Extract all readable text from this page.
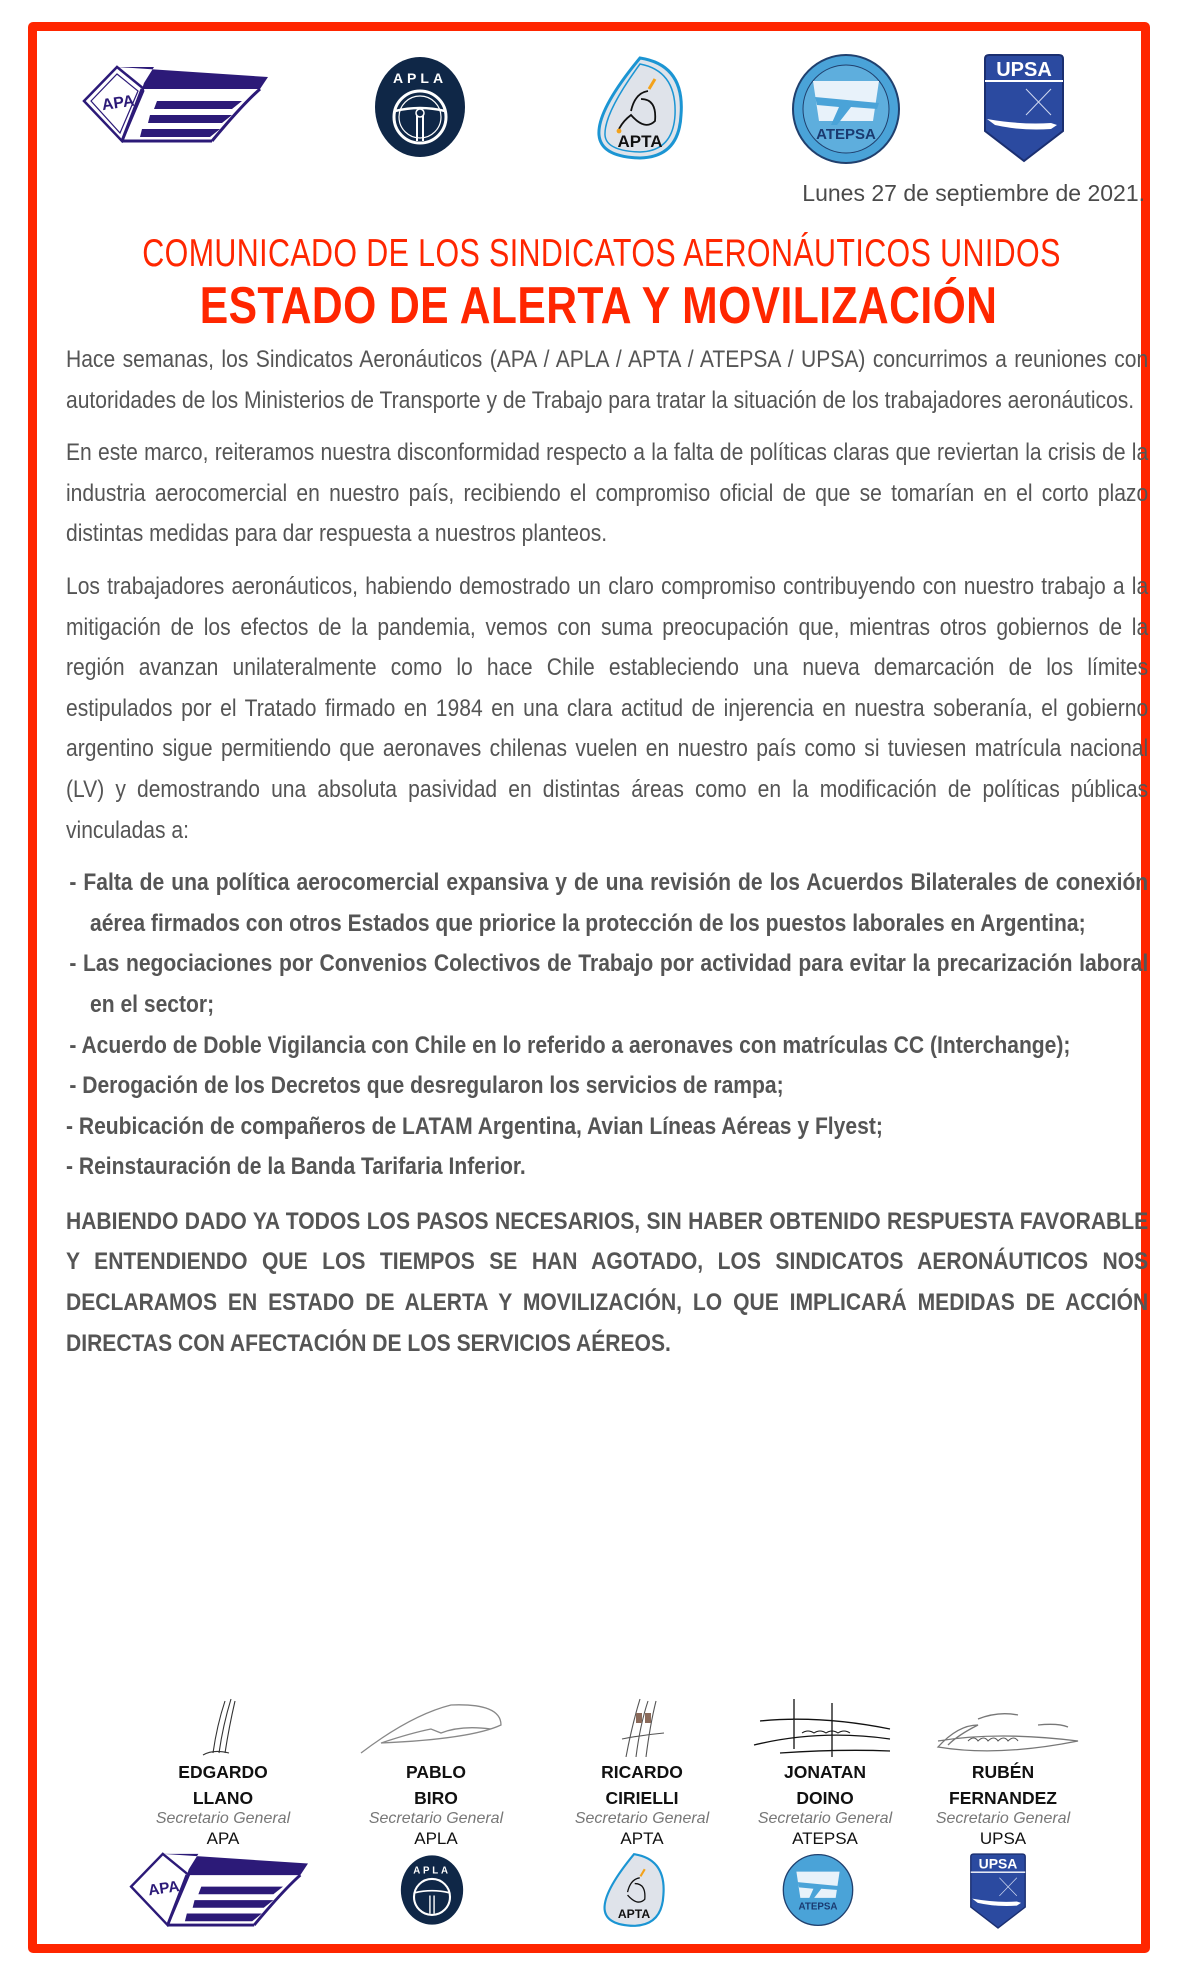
APA
APLA
APTA	ATEPSA
UPSA
Lunes 27 de septiembre de 2021.
COMUNICADO DE LOS SINDICATOS AERONÁUTICOS UNIDOS
ESTADO DE ALERTA Y MOVILIZACIÓN

Hace semanas, los Sindicatos Aeronáuticos (APA / APLA / APTA / ATEPSA / UPSA) concurrimos a reuniones con autoridades de los Ministerios de Transporte y de Trabajo para tratar la situación de los trabajadores aeronáuticos.

En este marco, reiteramos nuestra disconformidad respecto a la falta de políticas claras que reviertan la crisis de la industria aerocomercial en nuestro país, recibiendo el compromiso oficial de que se tomarían en el corto plazo distintas medidas para dar respuesta a nuestros planteos.

Los trabajadores aeronáuticos, habiendo demostrado un claro compromiso contribuyendo con nuestro trabajo a la mitigación de los efectos de la pandemia, vemos con suma preocupación que, mientras otros gobiernos de la región avanzan unilateralmente como lo hace Chile estableciendo una nueva demarcación de los límites estipulados por el Tratado firmado en 1984 en una clara actitud de injerencia en nuestra soberanía, el gobierno argentino sigue permitiendo que aeronaves chilenas vuelen en nuestro país como si tuviesen matrícula nacional (LV) y demostrando una absoluta pasividad en distintas áreas como en la modificación de políticas públicas vinculadas a:

- Falta de una política aerocomercial expansiva y de una revisión de los Acuerdos Bilaterales de conexión aérea firmados con otros Estados que priorice la protección de los puestos laborales en Argentina;
- Las negociaciones por Convenios Colectivos de Trabajo por actividad para evitar la precarización laboral en el sector;
- Acuerdo de Doble Vigilancia con Chile en lo referido a aeronaves con matrículas CC (Interchange);
- Derogación de los Decretos que desregularon los servicios de rampa;
- Reubicación de compañeros de LATAM Argentina, Avian Líneas Aéreas y Flyest;
- Reinstauración de la Banda Tarifaria Inferior.

HABIENDO DADO YA TODOS LOS PASOS NECESARIOS, SIN HABER OBTENIDO RESPUESTA FAVORABLE Y ENTENDIENDO QUE LOS TIEMPOS SE HAN AGOTADO, LOS SINDICATOS AERONÁUTICOS NOS DECLARAMOS EN ESTADO DE ALERTA Y MOVILIZACIÓN, LO QUE IMPLICARÁ MEDIDAS DE ACCIÓN DIRECTAS CON AFECTACIÓN DE LOS SERVICIOS AÉREOS.

EDGARDO
LLANO
Secretario General
APA
PABLO
BIRO
Secretario General
APLA
RICARDO
CIRIELLI
Secretario General
APTA
JONATAN
DOINO
Secretario General
ATEPSA
RUBÉN
FERNANDEZ
Secretario General
UPSA
APA
APLA
APTA	ATEPSA
UPSA
